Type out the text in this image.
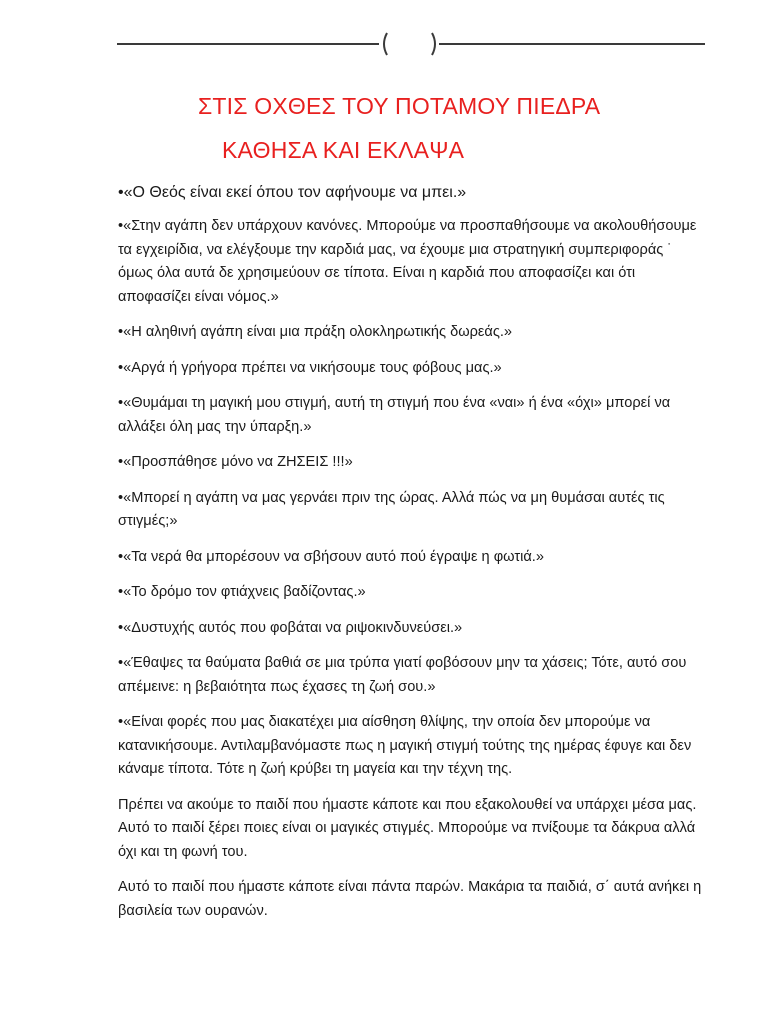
ΣΤΙΣ ΟΧΘΕΣ ΤΟΥ ΠΟΤΑΜΟΥ ΠΙΕΔΡΑ
ΚΑΘΗΣΑ ΚΑΙ ΕΚΛΑΨΑ

•«Ο Θεός είναι εκεί όπου τον αφήνουμε να μπει.»

•«Στην αγάπη δεν υπάρχουν κανόνες. Μπορούμε να προσπαθήσουμε να ακολουθήσουμε τα εγχειρίδια, να ελέγξουμε την καρδιά μας, να έχουμε μια στρατηγική συμπεριφοράς ˙ όμως όλα αυτά δε χρησιμεύουν σε τίποτα. Είναι η καρδιά που αποφασίζει και ότι αποφασίζει είναι νόμος.»

•«Η αληθινή αγάπη είναι μια πράξη ολοκληρωτικής δωρεάς.»

•«Αργά ή γρήγορα πρέπει να νικήσουμε τους φόβους μας.»

•«Θυμάμαι τη μαγική μου στιγμή, αυτή τη στιγμή που ένα «ναι» ή ένα «όχι» μπορεί να αλλάξει όλη μας την ύπαρξη.»

•«Προσπάθησε μόνο να ΖΗΣΕΙΣ !!!»

•«Μπορεί η αγάπη να μας γερνάει πριν της ώρας. Αλλά πώς να μη θυμάσαι αυτές τις στιγμές;»

•«Τα νερά θα μπορέσουν να σβήσουν αυτό πού έγραψε η φωτιά.»

•«Το δρόμο τον φτιάχνεις βαδίζοντας.»

•«Δυστυχής αυτός που φοβάται να ριψοκινδυνεύσει.»

•«Έθαψες τα θαύματα βαθιά σε μια τρύπα γιατί φοβόσουν μην τα χάσεις; Τότε, αυτό σου απέμεινε: η βεβαιότητα πως έχασες τη ζωή σου.»

•«Είναι φορές που μας διακατέχει μια αίσθηση θλίψης, την οποία δεν μπορούμε να κατανικήσουμε. Αντιλαμβανόμαστε πως η μαγική στιγμή τούτης της ημέρας έφυγε και δεν κάναμε τίποτα. Τότε η ζωή κρύβει τη μαγεία και την τέχνη της.

Πρέπει να ακούμε το παιδί που ήμαστε κάποτε και που εξακολουθεί να υπάρχει μέσα μας. Αυτό το παιδί ξέρει ποιες είναι οι μαγικές στιγμές. Μπορούμε να πνίξουμε τα δάκρυα αλλά όχι και τη φωνή του.

Αυτό το παιδί που ήμαστε κάποτε είναι πάντα παρών. Μακάρια τα παιδιά, σ΄ αυτά ανήκει η βασιλεία των ουρανών.
